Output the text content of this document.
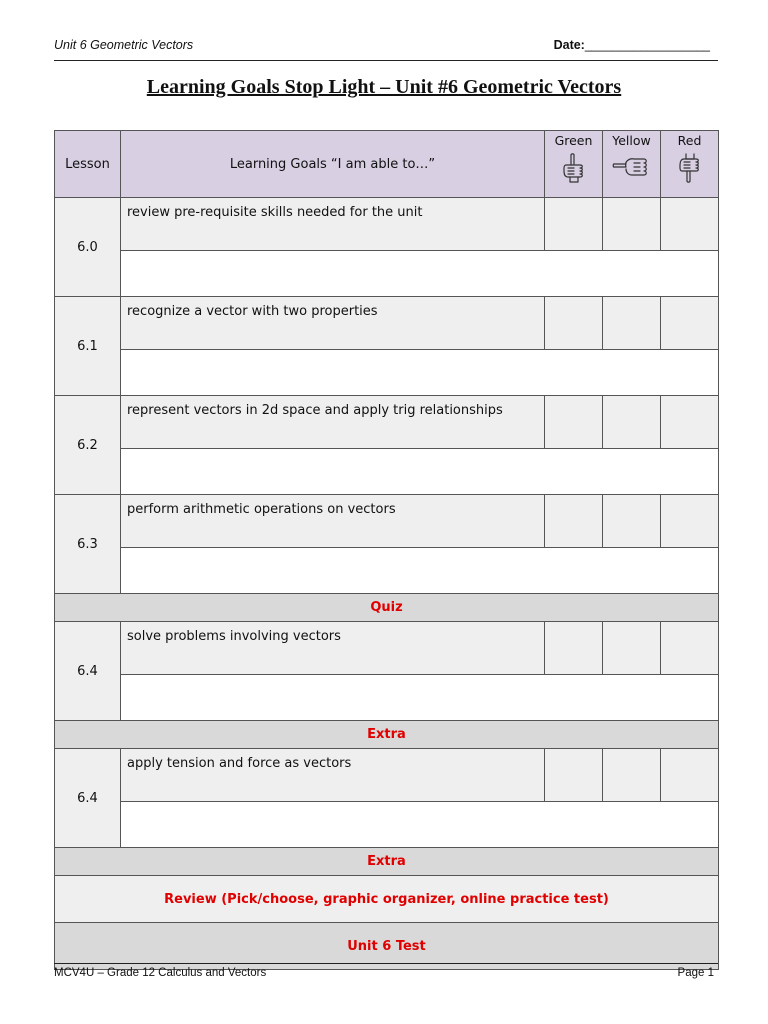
Unit 6 Geometric Vectors	Date:__________________
Learning Goals Stop Light – Unit #6 Geometric Vectors
Lesson	Learning Goals “I am able to…”	Green	Yellow	Red

6.0	review pre-requisite skills needed for the unit			

6.1	recognize a vector with two properties			

6.2	represent vectors in 2d space and apply trig relationships			

6.3	perform arithmetic operations on vectors			

Quiz				
6.4	solve problems involving vectors			

Extra				
6.4	apply tension and force as vectors			

Extra				
Review (Pick/choose, graphic organizer, online practice test)				
Unit 6 Test				
MCV4U – Grade 12 Calculus and Vectors	Page 1
